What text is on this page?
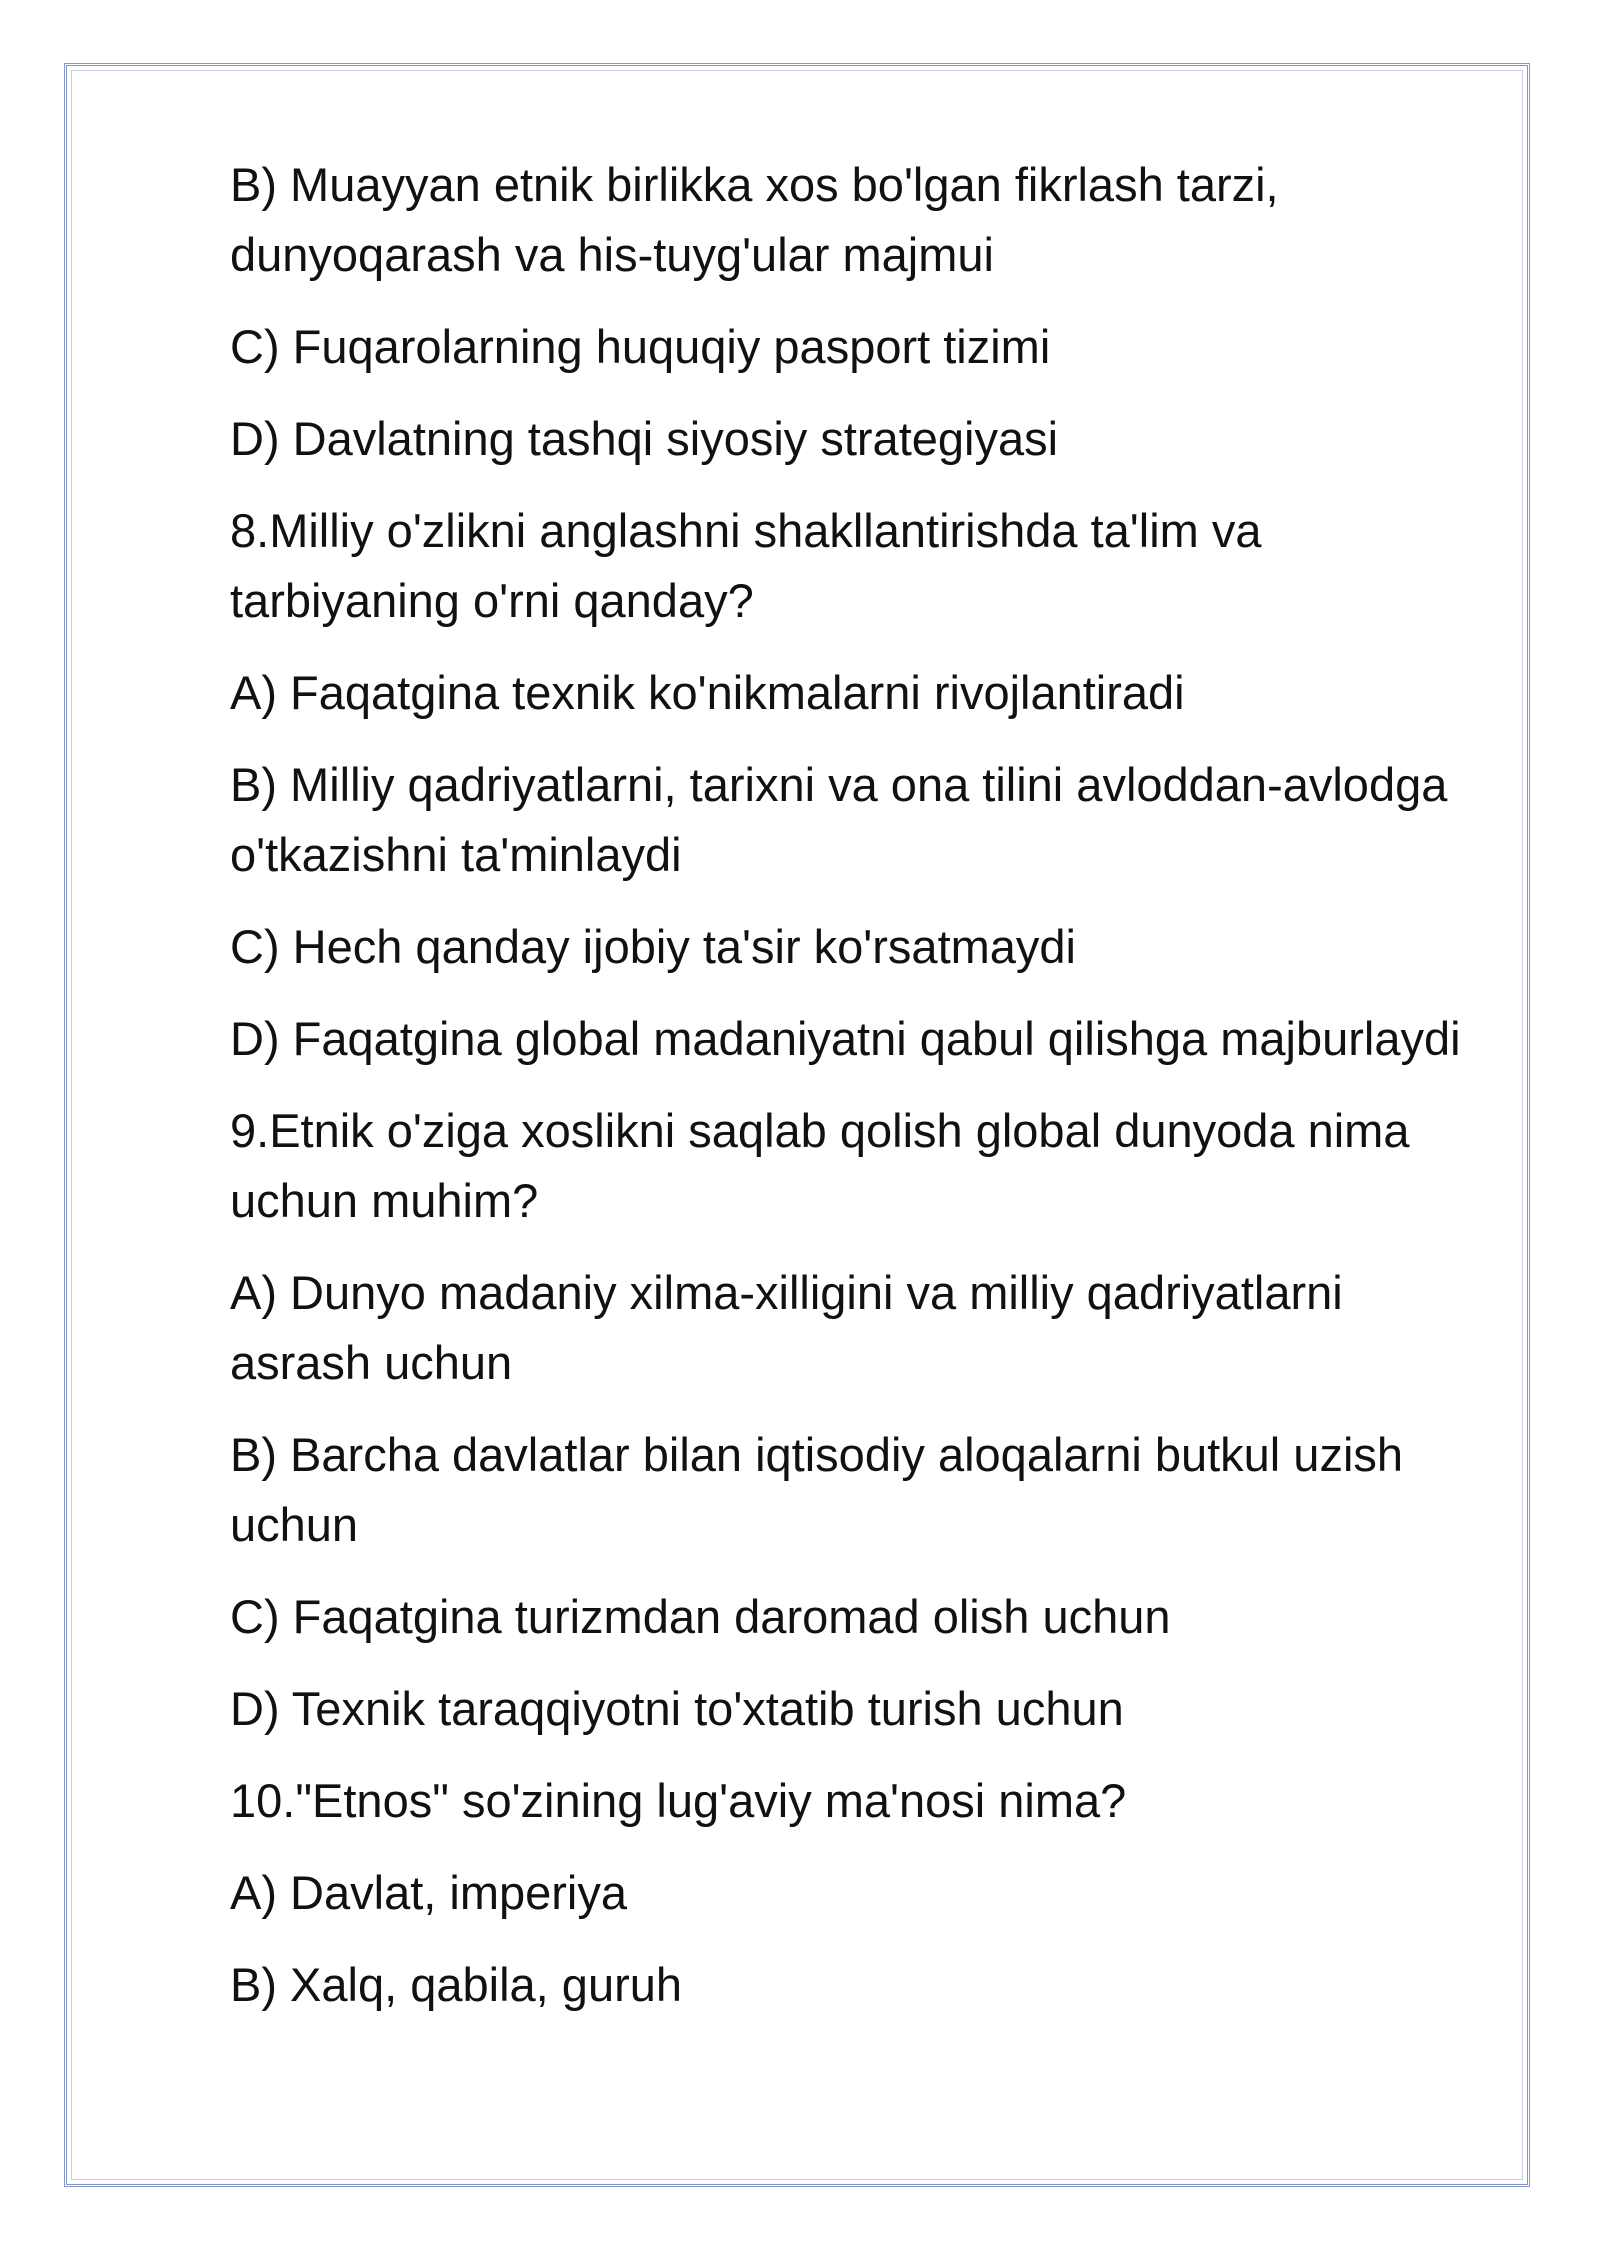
B) Muayyan etnik birlikka xos bo'lgan fikrlash tarzi, dunyoqarash va his-tuyg'ular majmui

C) Fuqarolarning huquqiy pasport tizimi

D) Davlatning tashqi siyosiy strategiyasi

8.Milliy o'zlikni anglashni shakllantirishda ta'lim va tarbiyaning o'rni qanday?

A) Faqatgina texnik ko'nikmalarni rivojlantiradi

B) Milliy qadriyatlarni, tarixni va ona tilini avloddan-avlodga o'tkazishni ta'minlaydi

C) Hech qanday ijobiy ta'sir ko'rsatmaydi

D) Faqatgina global madaniyatni qabul qilishga majburlaydi

9.Etnik o'ziga xoslikni saqlab qolish global dunyoda nima uchun muhim?

A) Dunyo madaniy xilma-xilligini va milliy qadriyatlarni asrash uchun

B) Barcha davlatlar bilan iqtisodiy aloqalarni butkul uzish uchun

C) Faqatgina turizmdan daromad olish uchun

D) Texnik taraqqiyotni to'xtatib turish uchun

10."Etnos" so'zining lug'aviy ma'nosi nima?

A) Davlat, imperiya

B) Xalq, qabila, guruh
